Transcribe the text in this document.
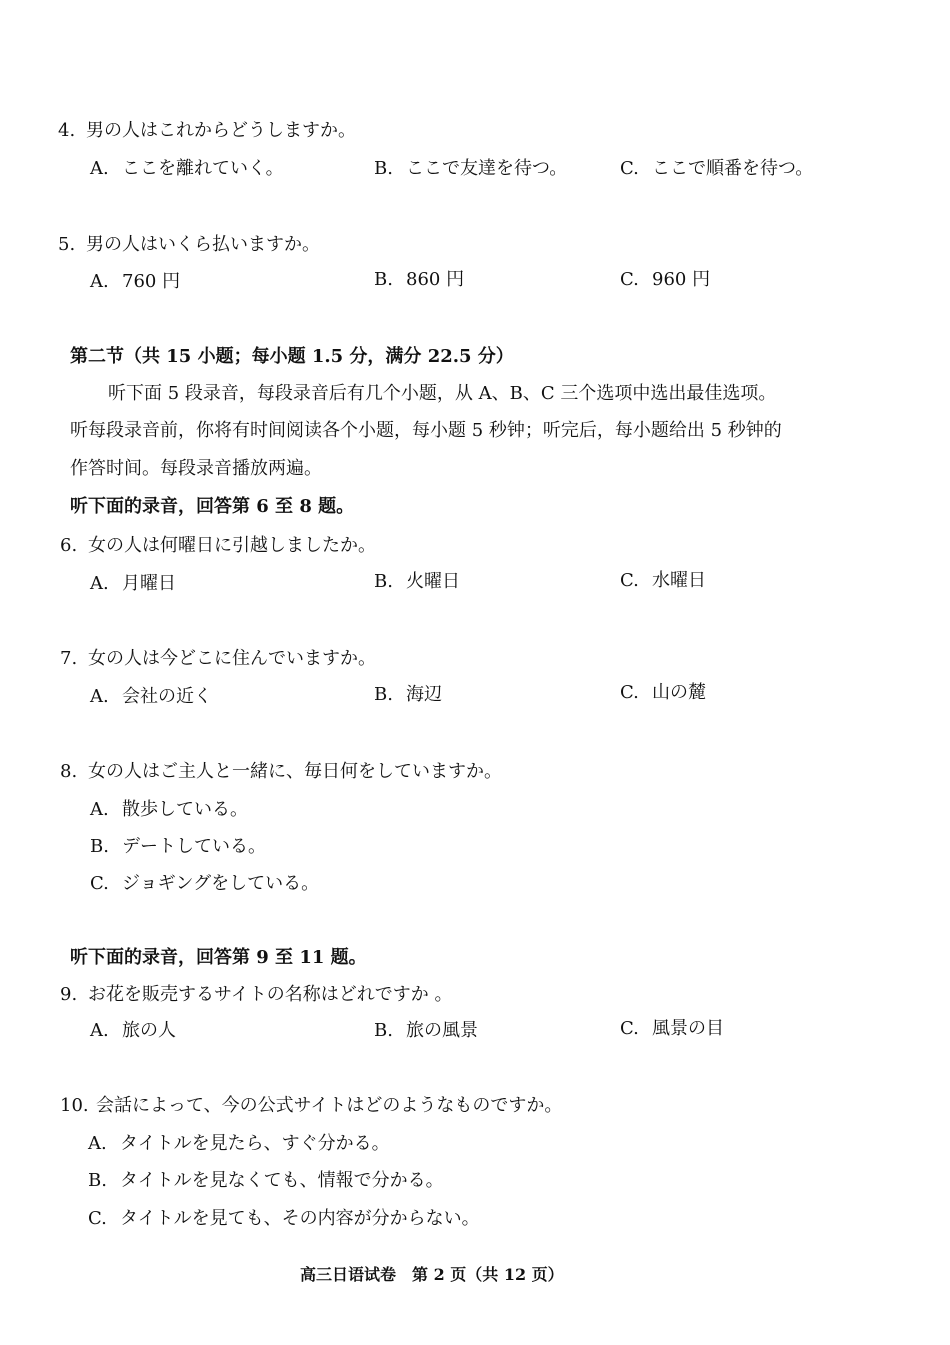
4. 男の人はこれからどうしますか。
A. ここを離れていく。	B. ここで友達を待つ。	C. ここで順番を待つ。
5. 男の人はいくら払いますか。
A. 760 円	B. 860 円	C. 960 円
第二节（共 15 小题；每小题 1.5 分，满分 22.5 分）
听下面 5 段录音，每段录音后有几个小题，从 A、B、C 三个选项中选出最佳选项。
听每段录音前，你将有时间阅读各个小题，每小题 5 秒钟；听完后，每小题给出 5 秒钟的
作答时间。每段录音播放两遍。
听下面的录音，回答第 6 至 8 题。
6. 女の人は何曜日に引越しましたか。
A. 月曜日	B. 火曜日	C. 水曜日
7. 女の人は今どこに住んでいますか。
A. 会社の近く	B. 海辺	C. 山の麓
8. 女の人はご主人と一緒に、毎日何をしていますか。
A. 散歩している。
B. デートしている。
C. ジョギングをしている。
听下面的录音，回答第 9 至 11 题。
9. お花を販売するサイトの名称はどれですか 。
A. 旅の人	B. 旅の風景	C. 風景の目
10. 会話によって、今の公式サイトはどのようなものですか。
A. タイトルを見たら、すぐ分かる。
B. タイトルを見なくても、情報で分かる。
C. タイトルを見ても、その内容が分からない。
高三日语试卷　第 2 页（共 12 页）
